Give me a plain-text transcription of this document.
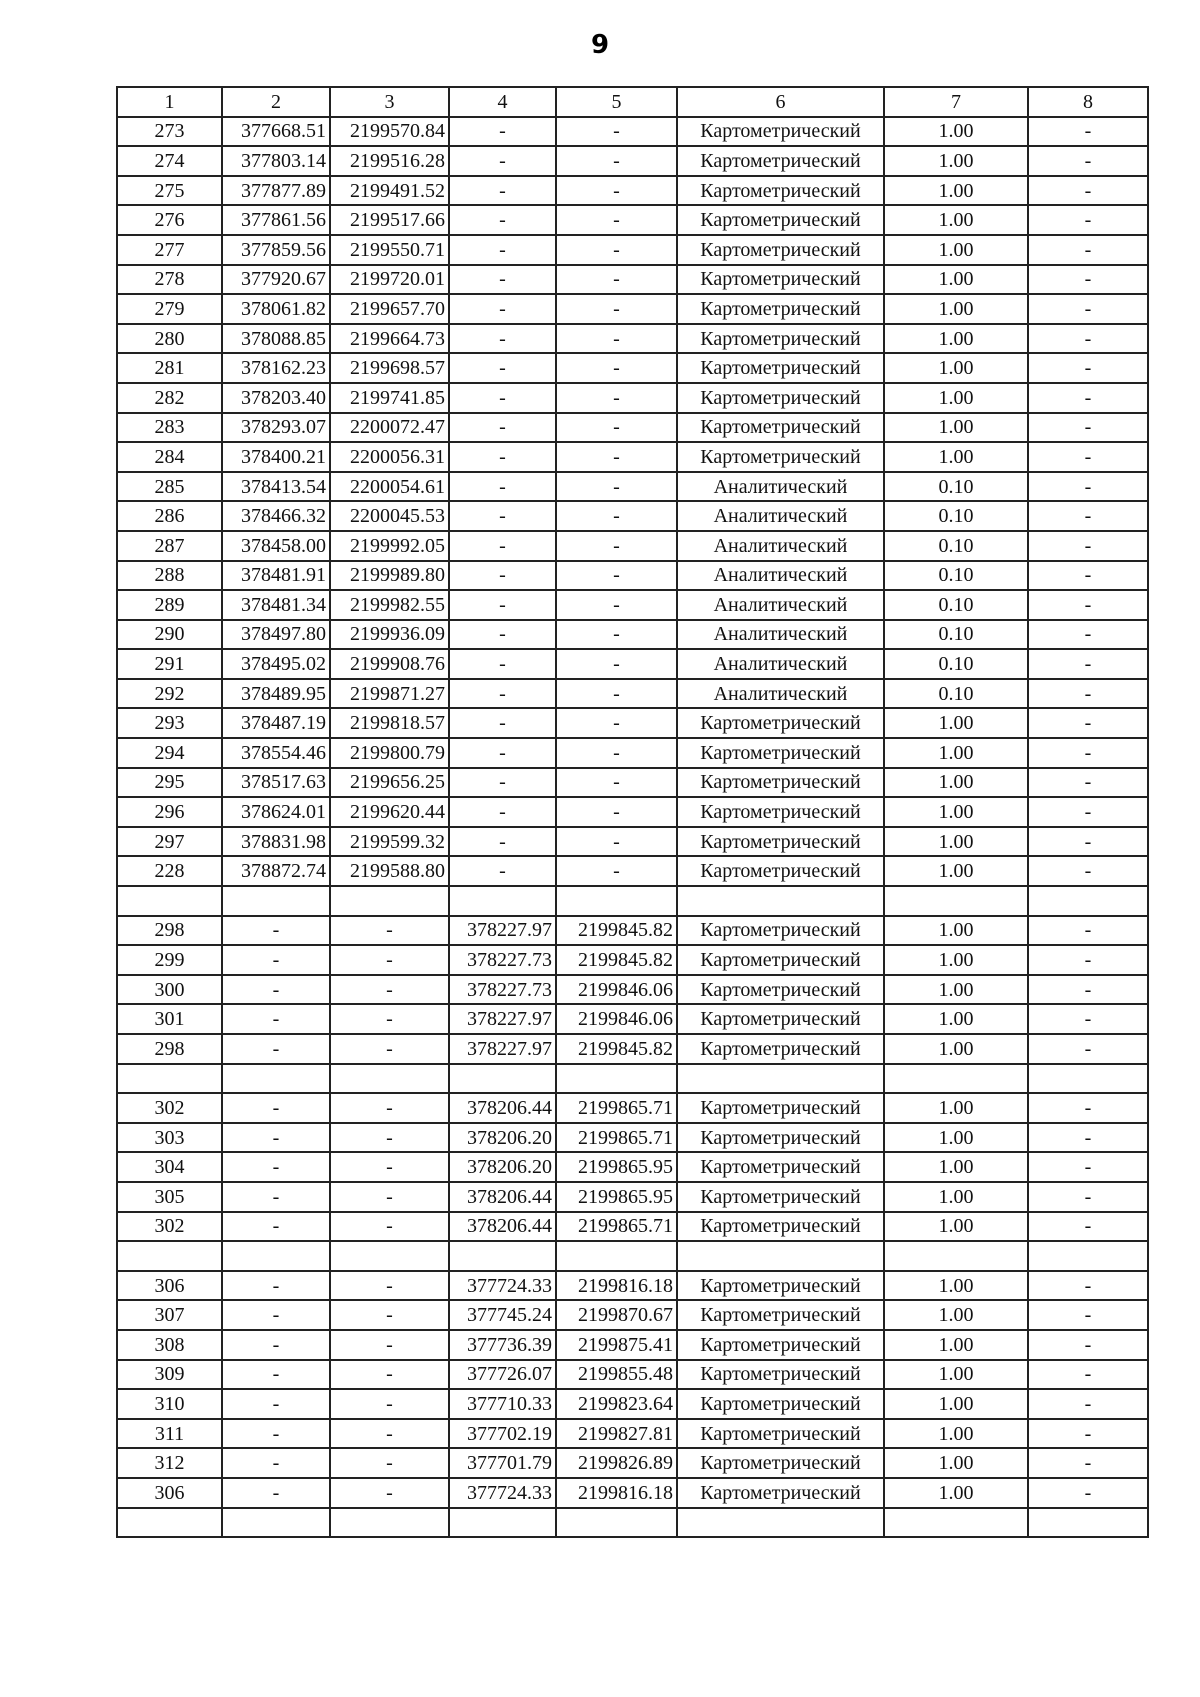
9
1	2	3	4	5	6	7	8
273	377668.51	2199570.84	-	-	Картометрический	1.00	-
274	377803.14	2199516.28	-	-	Картометрический	1.00	-
275	377877.89	2199491.52	-	-	Картометрический	1.00	-
276	377861.56	2199517.66	-	-	Картометрический	1.00	-
277	377859.56	2199550.71	-	-	Картометрический	1.00	-
278	377920.67	2199720.01	-	-	Картометрический	1.00	-
279	378061.82	2199657.70	-	-	Картометрический	1.00	-
280	378088.85	2199664.73	-	-	Картометрический	1.00	-
281	378162.23	2199698.57	-	-	Картометрический	1.00	-
282	378203.40	2199741.85	-	-	Картометрический	1.00	-
283	378293.07	2200072.47	-	-	Картометрический	1.00	-
284	378400.21	2200056.31	-	-	Картометрический	1.00	-
285	378413.54	2200054.61	-	-	Аналитический	0.10	-
286	378466.32	2200045.53	-	-	Аналитический	0.10	-
287	378458.00	2199992.05	-	-	Аналитический	0.10	-
288	378481.91	2199989.80	-	-	Аналитический	0.10	-
289	378481.34	2199982.55	-	-	Аналитический	0.10	-
290	378497.80	2199936.09	-	-	Аналитический	0.10	-
291	378495.02	2199908.76	-	-	Аналитический	0.10	-
292	378489.95	2199871.27	-	-	Аналитический	0.10	-
293	378487.19	2199818.57	-	-	Картометрический	1.00	-
294	378554.46	2199800.79	-	-	Картометрический	1.00	-
295	378517.63	2199656.25	-	-	Картометрический	1.00	-
296	378624.01	2199620.44	-	-	Картометрический	1.00	-
297	378831.98	2199599.32	-	-	Картометрический	1.00	-
228	378872.74	2199588.80	-	-	Картометрический	1.00	-

298	-	-	378227.97	2199845.82	Картометрический	1.00	-
299	-	-	378227.73	2199845.82	Картометрический	1.00	-
300	-	-	378227.73	2199846.06	Картометрический	1.00	-
301	-	-	378227.97	2199846.06	Картометрический	1.00	-
298	-	-	378227.97	2199845.82	Картометрический	1.00	-

302	-	-	378206.44	2199865.71	Картометрический	1.00	-
303	-	-	378206.20	2199865.71	Картометрический	1.00	-
304	-	-	378206.20	2199865.95	Картометрический	1.00	-
305	-	-	378206.44	2199865.95	Картометрический	1.00	-
302	-	-	378206.44	2199865.71	Картометрический	1.00	-

306	-	-	377724.33	2199816.18	Картометрический	1.00	-
307	-	-	377745.24	2199870.67	Картометрический	1.00	-
308	-	-	377736.39	2199875.41	Картометрический	1.00	-
309	-	-	377726.07	2199855.48	Картометрический	1.00	-
310	-	-	377710.33	2199823.64	Картометрический	1.00	-
311	-	-	377702.19	2199827.81	Картометрический	1.00	-
312	-	-	377701.79	2199826.89	Картометрический	1.00	-
306	-	-	377724.33	2199816.18	Картометрический	1.00	-
